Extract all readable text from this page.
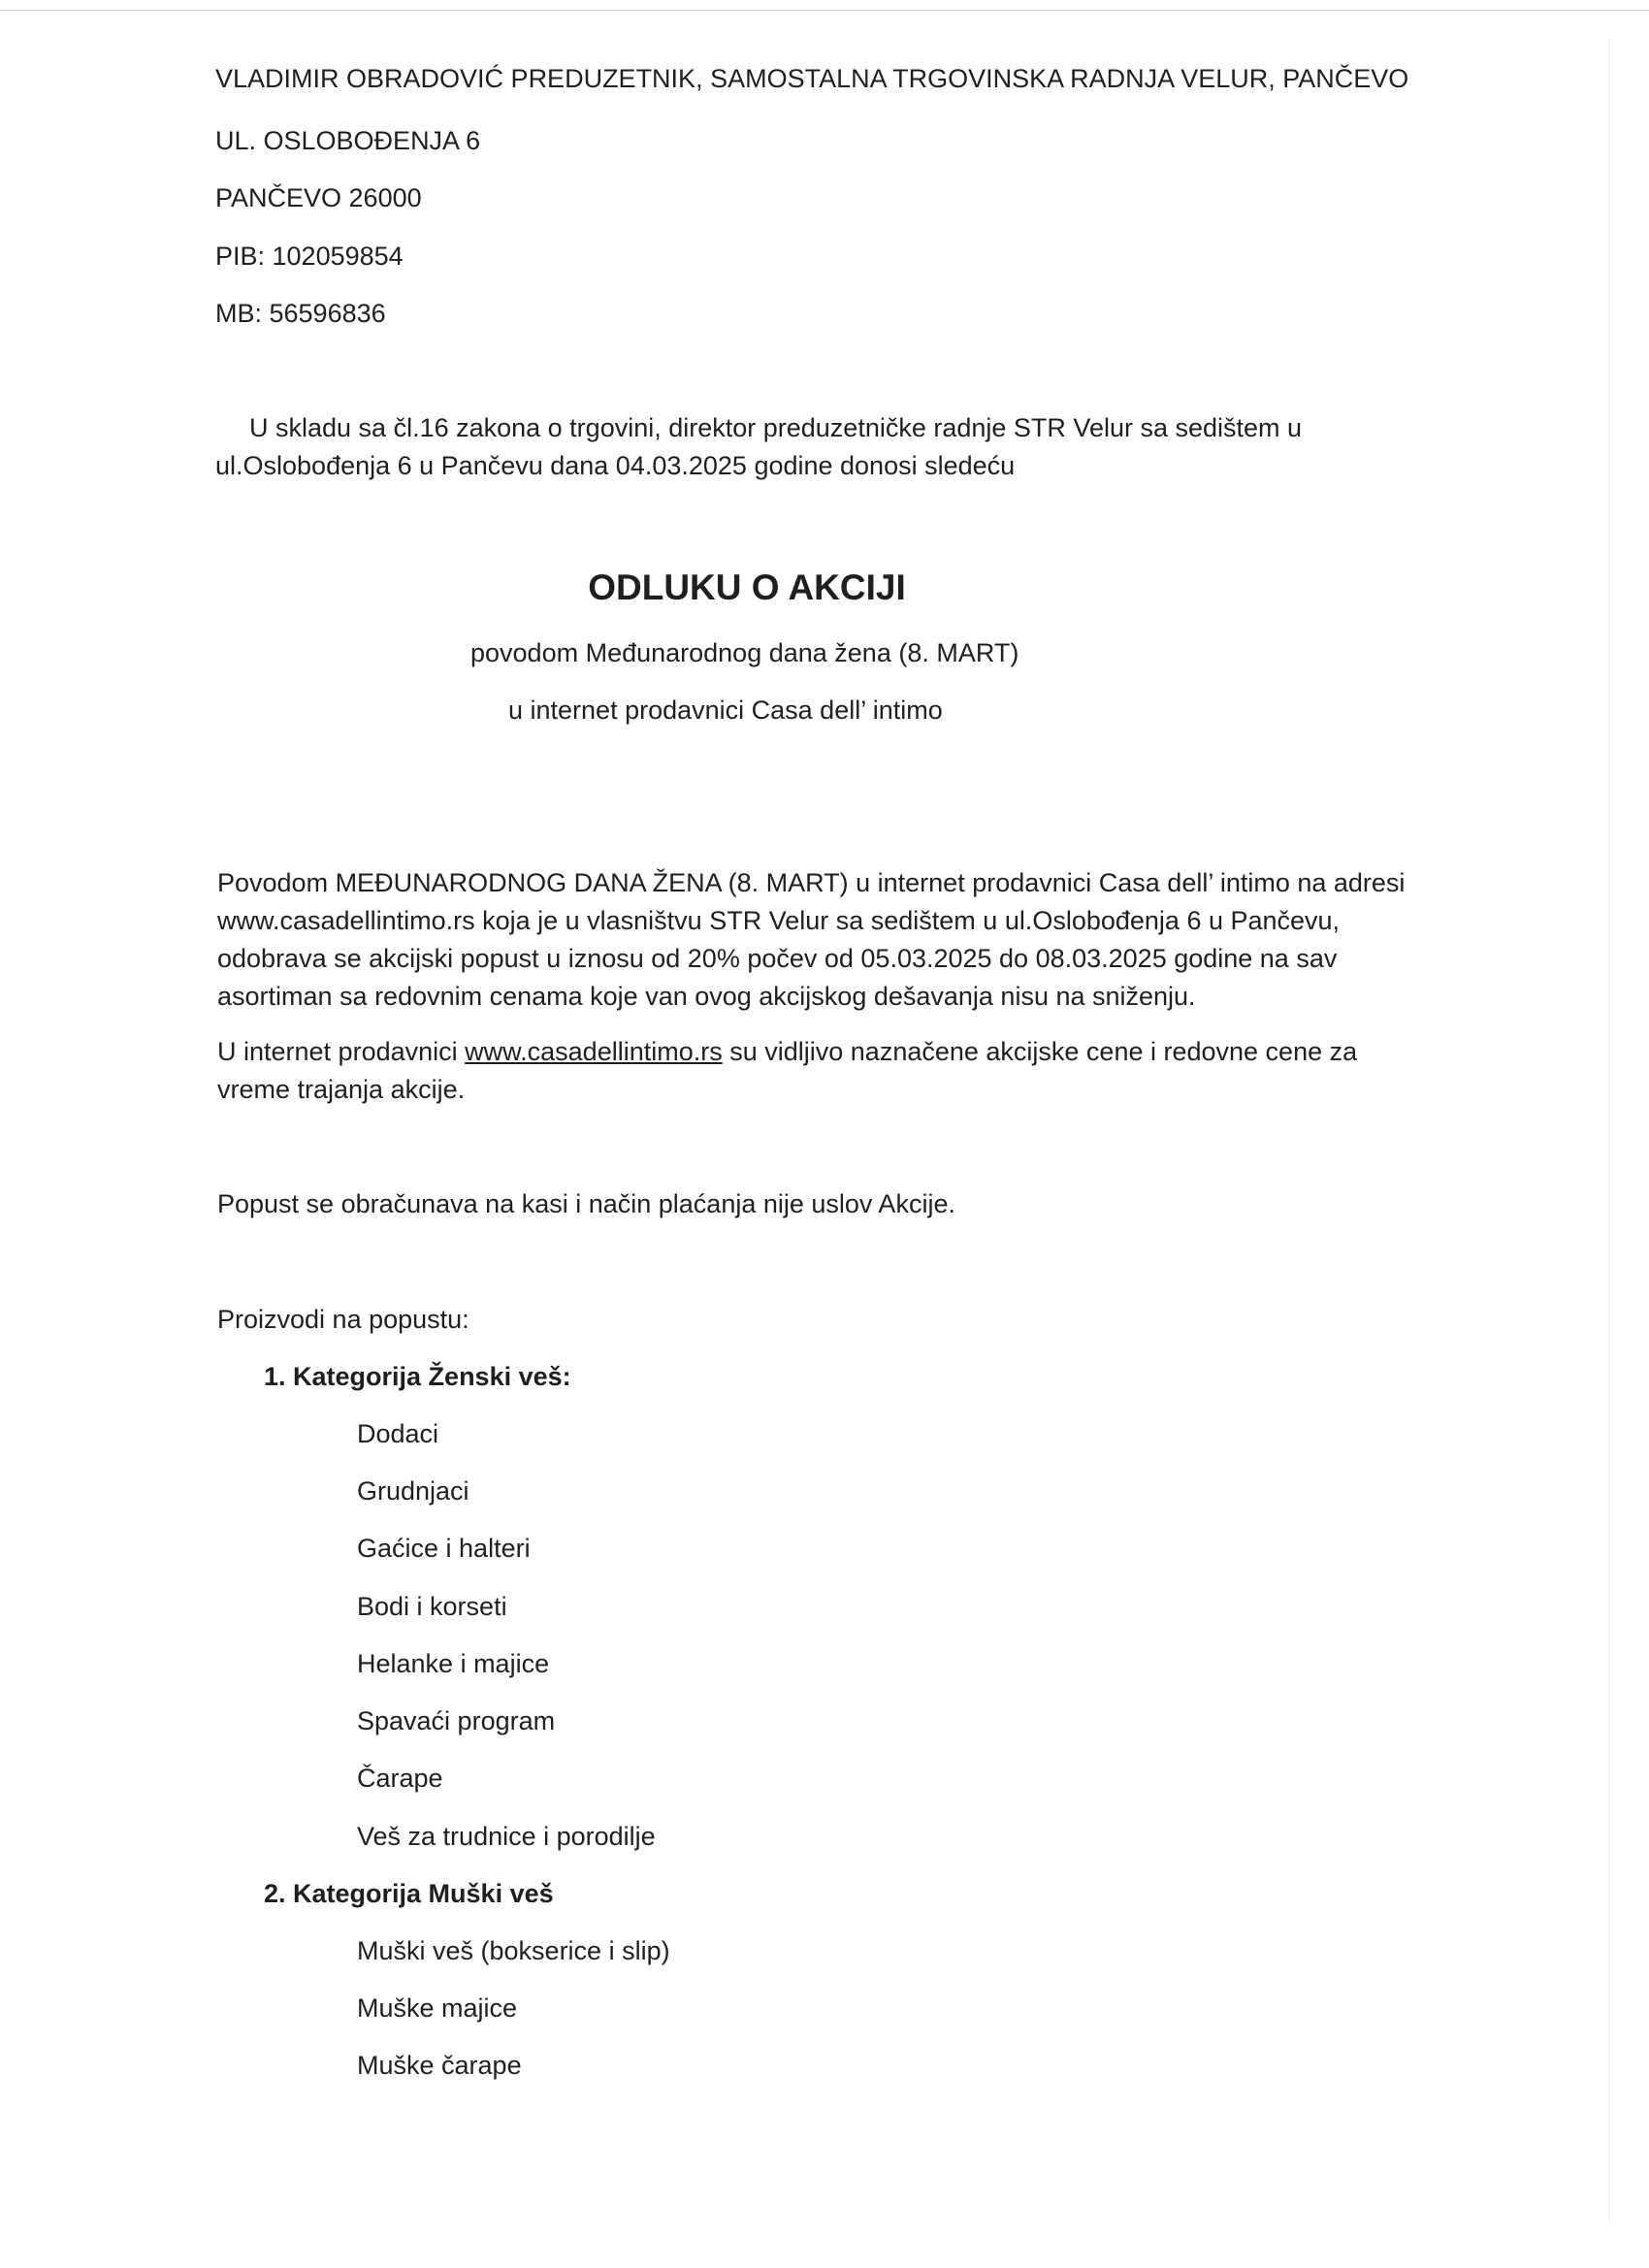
VLADIMIR OBRADOVIĆ PREDUZETNIK, SAMOSTALNA TRGOVINSKA RADNJA VELUR, PANČEVO

UL. OSLOBOĐENJA 6

PANČEVO 26000

PIB: 102059854

MB: 56596836

U skladu sa čl.16 zakona o trgovini, direktor preduzetničke radnje STR Velur sa sedištem u

ul.Oslobođenja 6 u Pančevu dana 04.03.2025 godine donosi sledeću

ODLUKU O AKCIJI
povodom Međunarodnog dana žena (8. MART)
u internet prodavnici Casa dell’ intimo

Povodom MEĐUNARODNOG DANA ŽENA (8. MART) u internet prodavnici Casa dell’ intimo na adresi

www.casadellintimo.rs koja je u vlasništvu STR Velur sa sedištem u ul.Oslobođenja 6 u Pančevu,

odobrava se akcijski popust u iznosu od 20% počev od 05.03.2025 do 08.03.2025 godine na sav

asortiman sa redovnim cenama koje van ovog akcijskog dešavanja nisu na sniženju.

U internet prodavnici www.casadellintimo.rs su vidljivo naznačene akcijske cene i redovne cene za

vreme trajanja akcije.

Popust se obračunava na kasi i način plaćanja nije uslov Akcije.

Proizvodi na popustu:

1. Kategorija Ženski veš:

Dodaci

Grudnjaci

Gaćice i halteri

Bodi i korseti

Helanke i majice

Spavaći program

Čarape

Veš za trudnice i porodilje

2. Kategorija Muški veš

Muški veš (bokserice i slip)

Muške majice

Muške čarape
